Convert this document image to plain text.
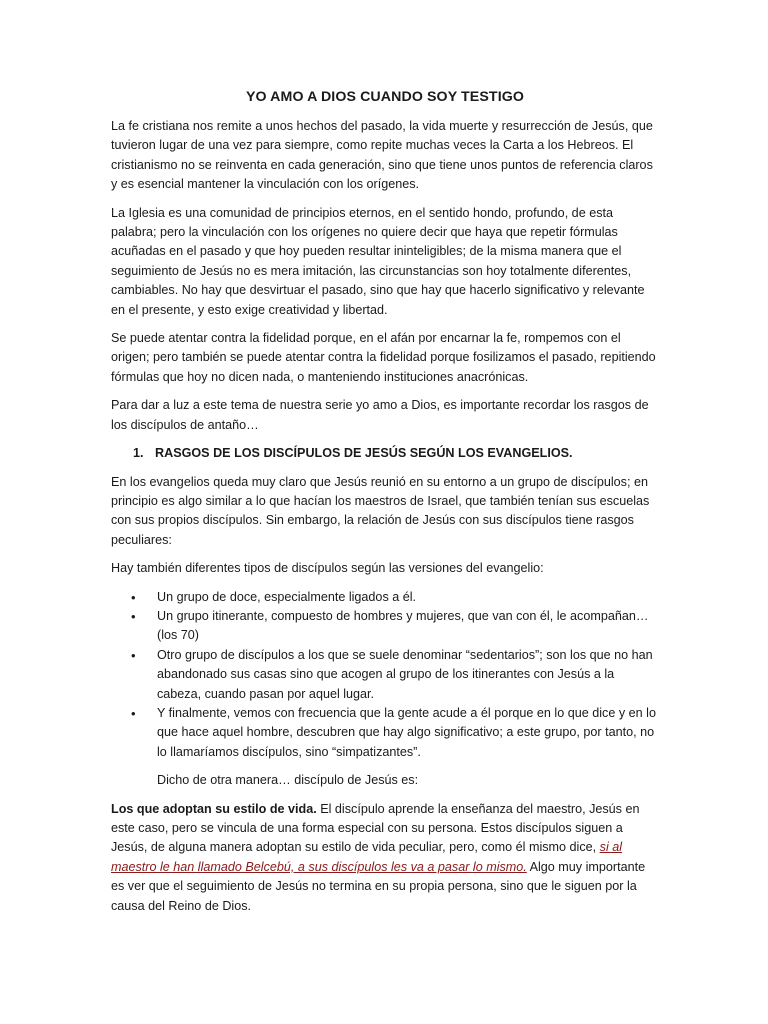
YO AMO A DIOS CUANDO SOY TESTIGO

La fe cristiana nos remite a unos hechos del pasado, la vida muerte y resurrección de Jesús, que tuvieron lugar de una vez para siempre, como repite muchas veces la Carta a los Hebreos. El cristianismo no se reinventa en cada generación, sino que tiene unos puntos de referencia claros y es esencial mantener la vinculación con los orígenes.

La Iglesia es una comunidad de principios eternos, en el sentido hondo, profundo, de esta palabra; pero la vinculación con los orígenes no quiere decir que haya que repetir fórmulas acuñadas en el pasado y que hoy pueden resultar ininteligibles; de la misma manera que el seguimiento de Jesús no es mera imitación, las circunstancias son hoy totalmente diferentes, cambiables. No hay que desvirtuar el pasado, sino que hay que hacerlo significativo y relevante en el presente, y esto exige creatividad y libertad.

Se puede atentar contra la fidelidad porque, en el afán por encarnar la fe, rompemos con el origen; pero también se puede atentar contra la fidelidad porque fosilizamos el pasado, repitiendo fórmulas que hoy no dicen nada, o manteniendo instituciones anacrónicas.

Para dar a luz a este tema de nuestra serie yo amo a Dios, es importante recordar los rasgos de los discípulos de antaño…

1. RASGOS DE LOS DISCÍPULOS DE JESÚS SEGÚN LOS EVANGELIOS.

En los evangelios queda muy claro que Jesús reunió en su entorno a un grupo de discípulos; en principio es algo similar a lo que hacían los maestros de Israel, que también tenían sus escuelas con sus propios discípulos. Sin embargo, la relación de Jesús con sus discípulos tiene rasgos peculiares:

Hay también diferentes tipos de discípulos según las versiones del evangelio:

•	Un grupo de doce, especialmente ligados a él.
•	Un grupo itinerante, compuesto de hombres y mujeres, que van con él, le acompañan…(los 70)
•	Otro grupo de discípulos a los que se suele denominar “sedentarios”; son los que no han abandonado sus casas sino que acogen al grupo de los itinerantes con Jesús a la cabeza, cuando pasan por aquel lugar.
•	Y finalmente, vemos con frecuencia que la gente acude a él porque en lo que dice y en lo que hace aquel hombre, descubren que hay algo significativo; a este grupo, por tanto, no lo llamaríamos discípulos, sino “simpatizantes”.

Dicho de otra manera… discípulo de Jesús es:

Los que adoptan su estilo de vida. El discípulo aprende la enseñanza del maestro, Jesús en este caso, pero se vincula de una forma especial con su persona. Estos discípulos siguen a Jesús, de alguna manera adoptan su estilo de vida peculiar, pero, como él mismo dice, si al maestro le han llamado Belcebú, a sus discípulos les va a pasar lo mismo. Algo muy importante es ver que el seguimiento de Jesús no termina en su propia persona, sino que le siguen por la causa del Reino de Dios.
